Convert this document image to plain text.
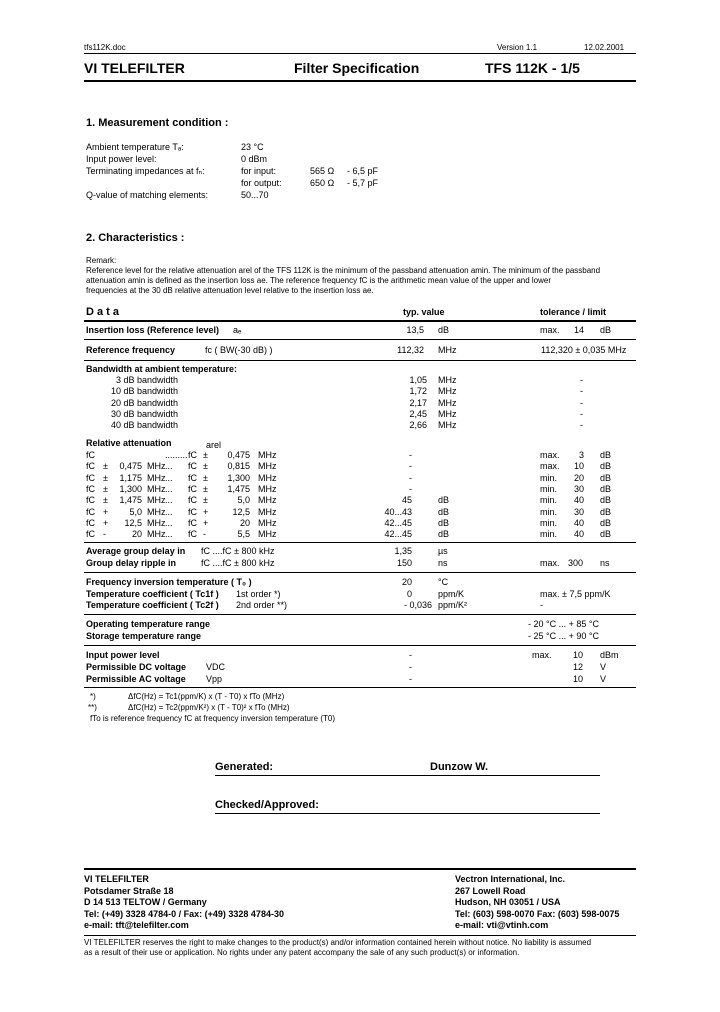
tfs112K.doc	Version 1.1	12.02.2001
VI TELEFILTER	Filter Specification	TFS 112K - 1/5
1. Measurement condition :
Ambient temperature Tₐ:	23 °C
Input power level:	0 dBm
Terminating impedances at fₙ:	for input:	565 Ω - 6,5 pF
for output:	650 Ω - 5,7 pF
Q-value of matching elements:	50...70
2. Characteristics :
Remark:
Reference level for the relative attenuation arel of the TFS 112K is the minimum of the passband attenuation amin. The minimum of the passband
attenuation amin is defined as the insertion loss ae. The reference frequency fC is the arithmetic mean value of the upper and lower
frequencies at the 30 dB relative attenuation level relative to the insertion loss ae.
D a t a	typ. value	tolerance / limit
Insertion loss (Reference level) aₑ	13,5 dB	max.	14 dB
Reference frequency	fᴄ ( BW(-30 dB) )	112,32 MHz	112,320 ± 0,035 MHz
Bandwidth at ambient temperature:
3 dB bandwidth	1,05 MHz	-
10 dB bandwidth	1,72 MHz	-
20 dB bandwidth	2,17 MHz	-
30 dB bandwidth	2,45 MHz	-
40 dB bandwidth	2,66 MHz	-
Relative attenuation	arel
fC	......... fC ±	0,475 MHz	-	max.	3 dB
fC ±	0,475 MHz ... fC ±	0,815 MHz	-	max.	10 dB
fC ±	1,175 MHz ... fC ±	1,300 MHz	-	min.	20 dB
fC ±	1,300 MHz ... fC ±	1,475 MHz	-	min.	30 dB
fC ±	1,475 MHz ... fC ±	5,0 MHz	45	dB	min.	40 dB
fC +	5,0 MHz ... fC +	12,5 MHz	40...43	dB	min.	30 dB
fC +	12,5 MHz ... fC +	20 MHz	42...45	dB	min.	40 dB
fC -	20 MHz ... fC -	5,5 MHz	42...45	dB	min.	40 dB
Average group delay in fC ....fC ± 800 kHz	1,35	µs
Group delay ripple in	fC ....fC ± 800 kHz	150	ns	max. 300 ns
Frequency inversion temperature ( T₀ )	20	°C
Temperature coefficient ( Tc1f ) 1st order *)	0	ppm/K	max. ± 7,5 ppm/K
Temperature coefficient ( Tc2f ) 2nd order **)	- 0,036 ppm/K²	-
Operating temperature range	- 20 °C ... + 85 °C
Storage temperature range	- 25 °C ... + 90 °C
Input power level	-	max. 10 dBm
Permissible DC voltage VDC	-	12 V
Permissible AC voltage Vpp	-	10 V
*)	ΔfC(Hz) = Tc1(ppm/K) x (T - T0) x fTo (MHz)
**)	ΔfC(Hz) = Tc2(ppm/K²) x (T - T0)² x fTo (MHz)
fTo is reference frequency fC at frequency inversion temperature (T0)
Generated:	Dunzow W.
Checked/Approved:
VI TELEFILTER
Potsdamer Straße 18
D 14 513 TELTOW / Germany
Tel: (+49) 3328 4784-0 / Fax: (+49) 3328 4784-30
e-mail: tft@telefilter.com
Vectron International, Inc.
267 Lowell Road
Hudson, NH 03051 / USA
Tel: (603) 598-0070 Fax: (603) 598-0075
e-mail: vti@vtinh.com
VI TELEFILTER reserves the right to make changes to the product(s) and/or information contained herein without notice. No liability is assumed
as a result of their use or application. No rights under any patent accompany the sale of any such product(s) or information.
